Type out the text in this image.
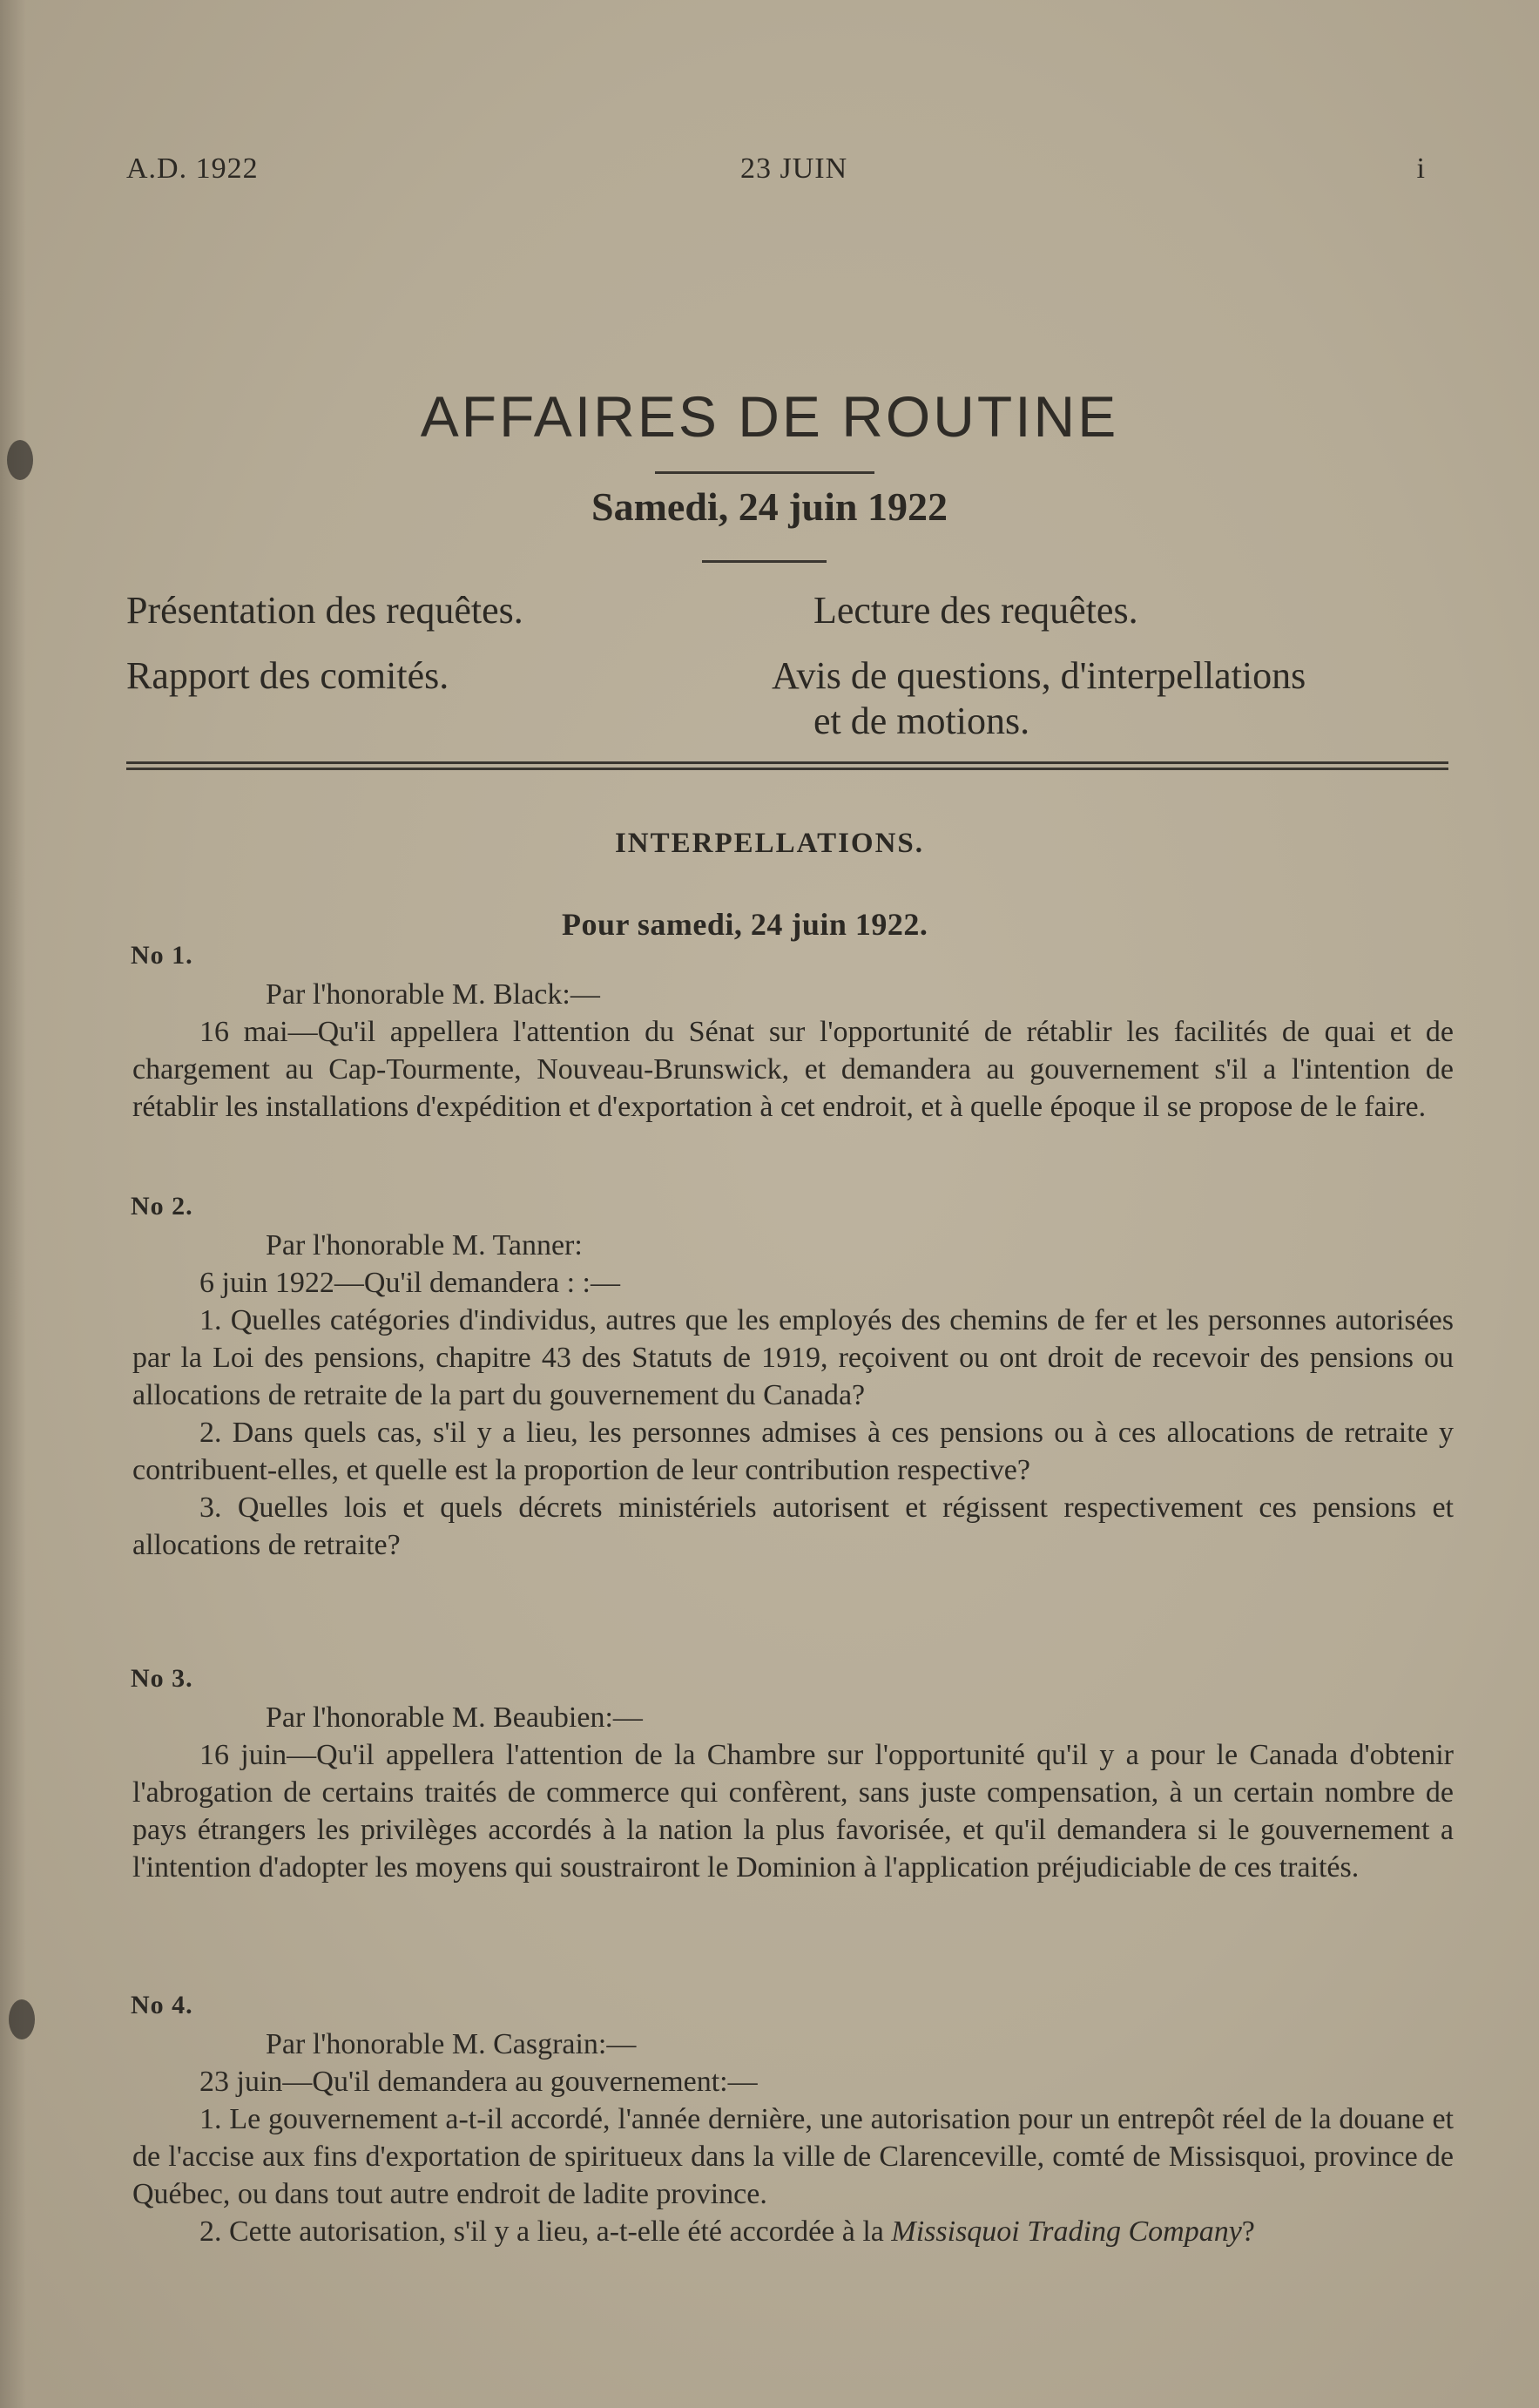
A.D. 1922	23 JUIN	i
AFFAIRES DE ROUTINE
Samedi, 24 juin 1922
Présentation des requêtes.	Lecture des requêtes.
Rapport des comités.	Avis de questions, d'interpellations
et de motions.
INTERPELLATIONS.
Pour samedi, 24 juin 1922.
No 1.

Par l'honorable M. Black:—

16 mai—Qu'il appellera l'attention du Sénat sur l'opportunité de rétablir les facilités de quai et de chargement au Cap-Tourmente, Nouveau-Brunswick, et demandera au gouvernement s'il a l'intention de rétablir les installations d'expédition et d'exportation à cet endroit, et à quelle époque il se propose de le faire.

No 2.

Par l'honorable M. Tanner:

6 juin 1922—Qu'il demandera : :—

1. Quelles catégories d'individus, autres que les employés des chemins de fer et les personnes autorisées par la Loi des pensions, chapitre 43 des Statuts de 1919, reçoivent ou ont droit de recevoir des pensions ou allocations de retraite de la part du gouvernement du Canada?

2. Dans quels cas, s'il y a lieu, les personnes admises à ces pensions ou à ces allocations de retraite y contribuent-elles, et quelle est la proportion de leur contribution respective?

3. Quelles lois et quels décrets ministériels autorisent et régissent respectivement ces pensions et allocations de retraite?

No 3.

Par l'honorable M. Beaubien:—

16 juin—Qu'il appellera l'attention de la Chambre sur l'opportunité qu'il y a pour le Canada d'obtenir l'abrogation de certains traités de commerce qui confèrent, sans juste compensation, à un certain nombre de pays étrangers les privilèges accordés à la nation la plus favorisée, et qu'il demandera si le gouvernement a l'intention d'adopter les moyens qui soustrairont le Dominion à l'application préjudiciable de ces traités.

No 4.

Par l'honorable M. Casgrain:—

23 juin—Qu'il demandera au gouvernement:—

1. Le gouvernement a-t-il accordé, l'année dernière, une autorisation pour un entrepôt réel de la douane et de l'accise aux fins d'exportation de spiritueux dans la ville de Clarenceville, comté de Missisquoi, province de Québec, ou dans tout autre endroit de ladite province.

2. Cette autorisation, s'il y a lieu, a-t-elle été accordée à la Missisquoi Trading Company?
